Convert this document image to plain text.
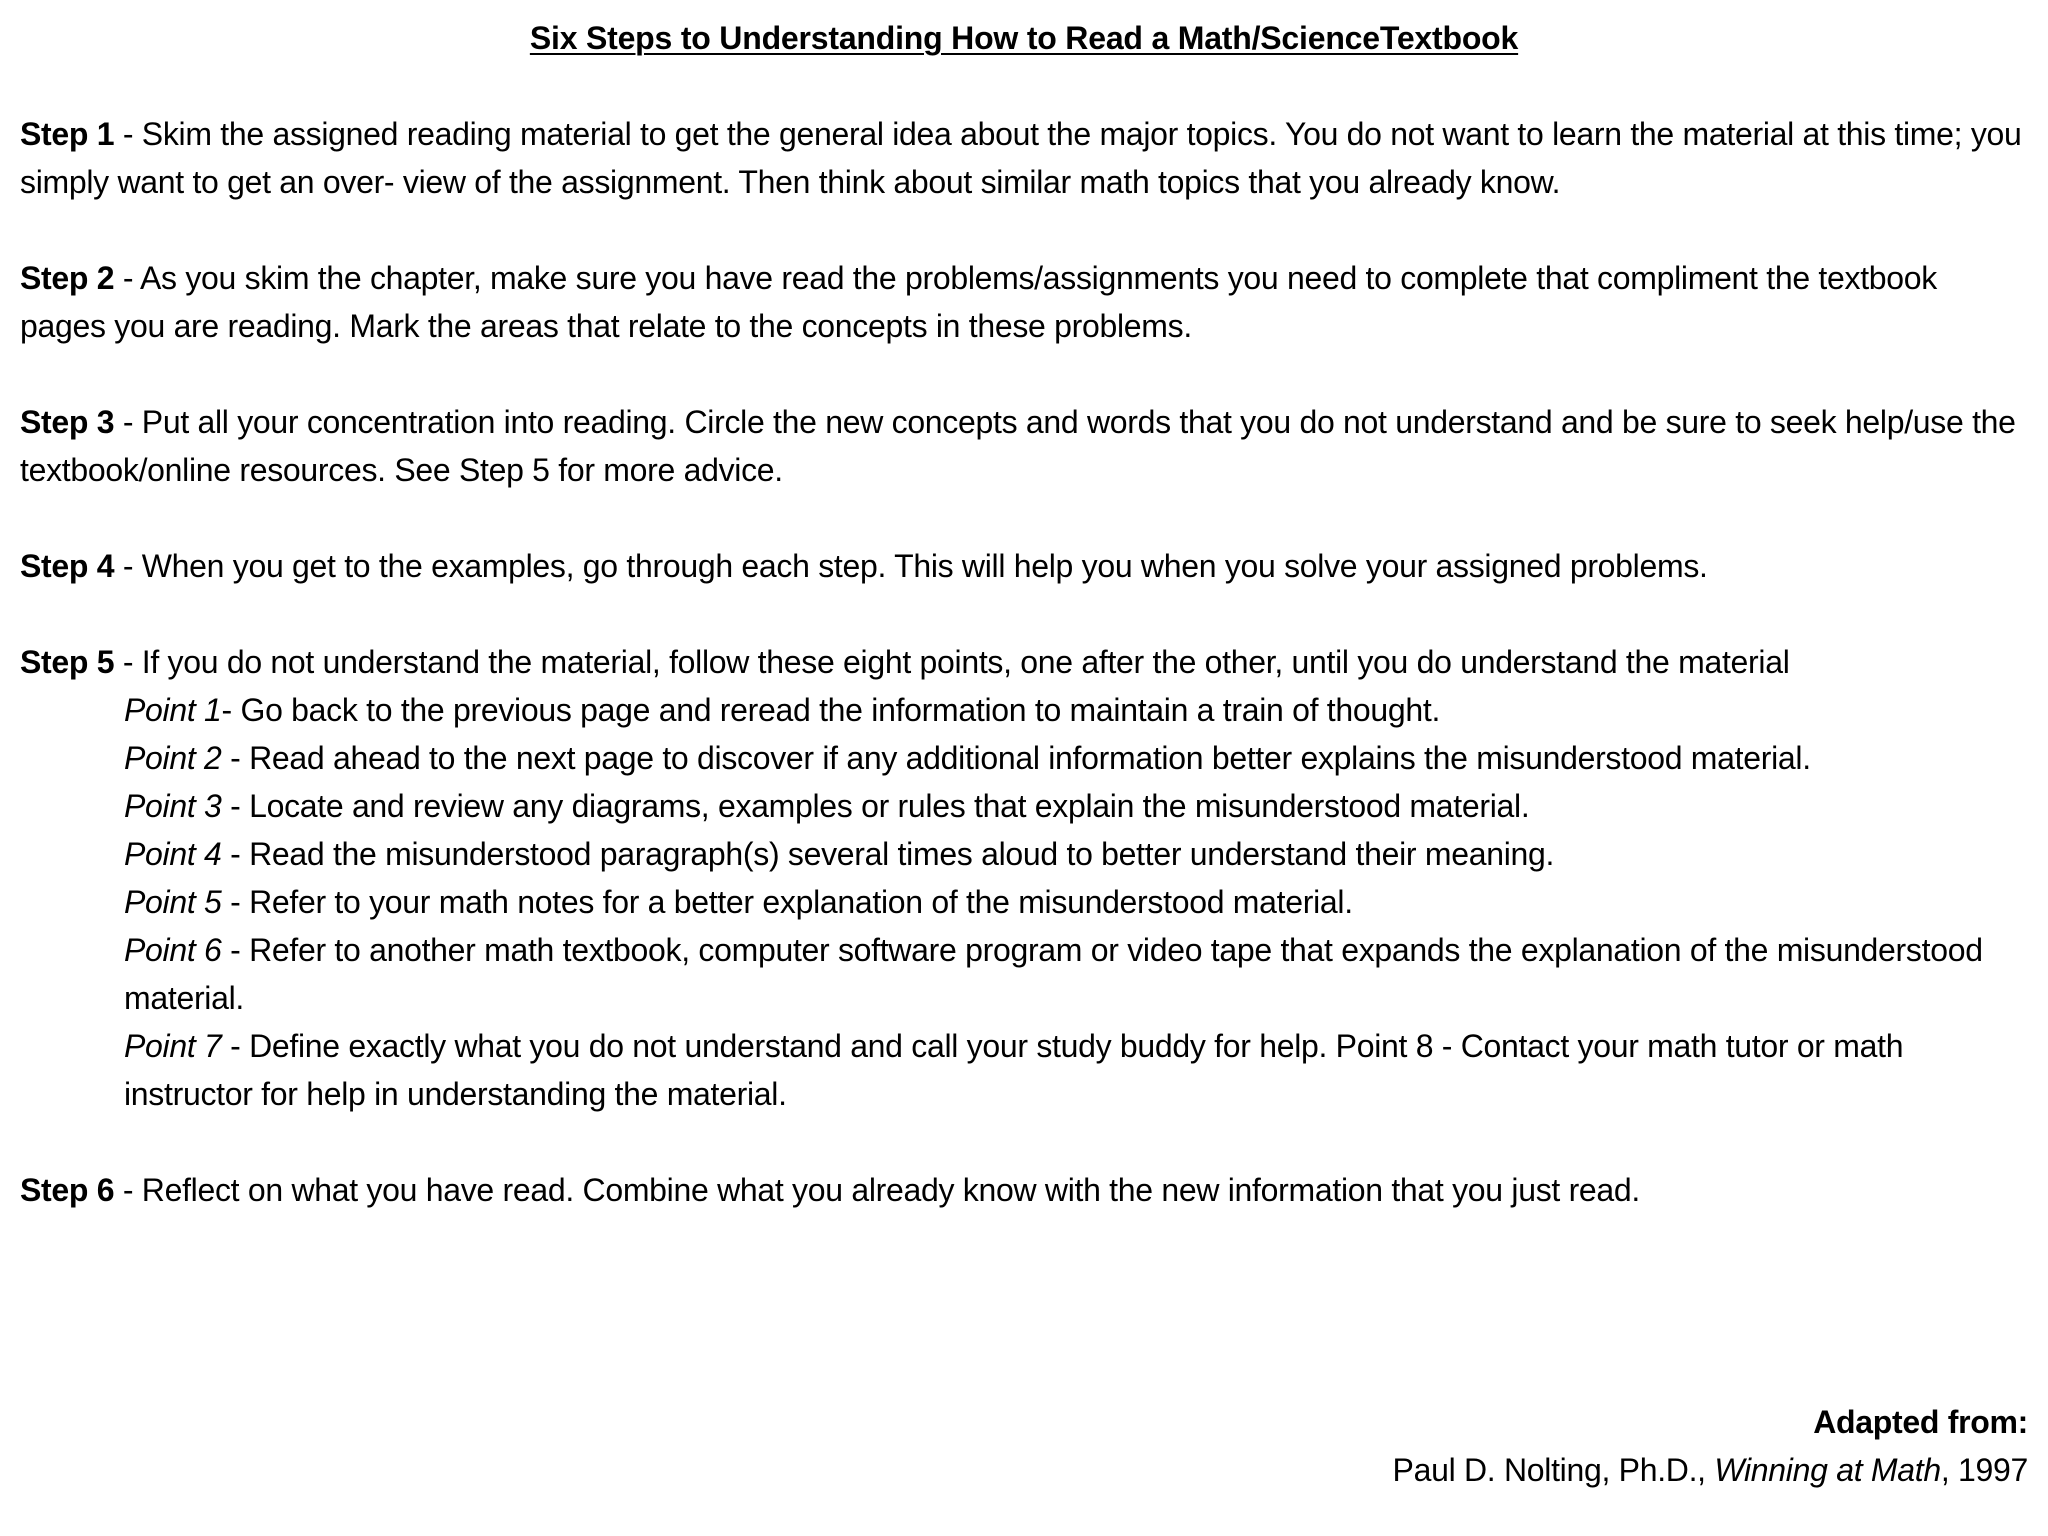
Six Steps to Understanding How to Read a Math/ScienceTextbook

Step 1 - Skim the assigned reading material to get the general idea about the major topics. You do not want to learn the material at this time; you simply want to get an over- view of the assignment. Then think about similar math topics that you already know.

Step 2 - As you skim the chapter, make sure you have read the problems/assignments you need to complete that compliment the textbook pages you are reading. Mark the areas that relate to the concepts in these problems.

Step 3 - Put all your concentration into reading. Circle the new concepts and words that you do not understand and be sure to seek help/use the textbook/online resources. See Step 5 for more advice.

Step 4 - When you get to the examples, go through each step. This will help you when you solve your assigned problems.

Step 5 - If you do not understand the material, follow these eight points, one after the other, until you do understand the material

Point 1- Go back to the previous page and reread the information to maintain a train of thought.
Point 2 - Read ahead to the next page to discover if any additional information better explains the misunderstood material.
Point 3 - Locate and review any diagrams, examples or rules that explain the misunderstood material.
Point 4 - Read the misunderstood paragraph(s) several times aloud to better understand their meaning.
Point 5 - Refer to your math notes for a better explanation of the misunderstood material.
Point 6 - Refer to another math textbook, computer software program or video tape that expands the explanation of the misunderstood material.
Point 7 - Define exactly what you do not understand and call your study buddy for help. Point 8 - Contact your math tutor or math instructor for help in understanding the material.

Step 6 - Reflect on what you have read. Combine what you already know with the new information that you just read.

Adapted from:
Paul D. Nolting, Ph.D., Winning at Math, 1997
